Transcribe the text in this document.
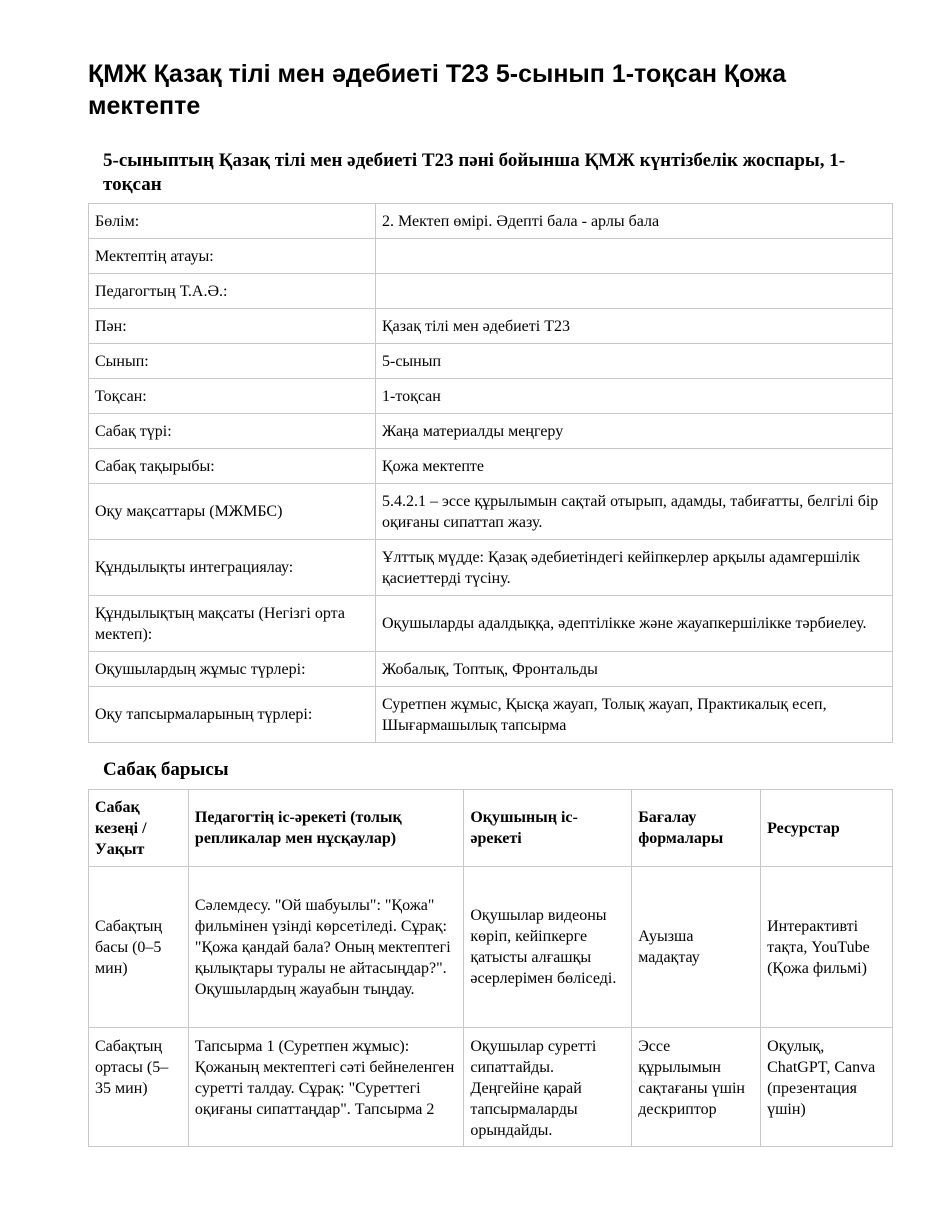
ҚМЖ Қазақ тілі мен әдебиеті Т23 5-сынып 1-тоқсан Қожа мектепте
5-сыныптың Қазақ тілі мен әдебиеті Т23 пәні бойынша ҚМЖ күнтізбелік жоспары, 1-тоқсан
Бөлім:	2. Мектеп өмірі. Әдепті бала - арлы бала
Мектептің атауы:	
Педагогтың Т.А.Ә.:	
Пән:	Қазақ тілі мен әдебиеті Т23
Сынып:	5-сынып
Тоқсан:	1-тоқсан
Сабақ түрі:	Жаңа материалды меңгеру
Сабақ тақырыбы:	Қожа мектепте
Оқу мақсаттары (МЖМБС)	5.4.2.1 – эссе құрылымын сақтай отырып, адамды, табиғатты, белгілі бір оқиғаны сипаттап жазу.
Құндылықты интеграциялау:	Ұлттық мүдде: Қазақ әдебиетіндегі кейіпкерлер арқылы адамгершілік қасиеттерді түсіну.
Құндылықтың мақсаты (Негізгі орта мектеп):	Оқушыларды адалдыққа, әдептілікке және жауапкершілікке тәрбиелеу.
Оқушылардың жұмыс түрлері:	Жобалық, Топтық, Фронтальды
Оқу тапсырмаларының түрлері:	Суретпен жұмыс, Қысқа жауап, Толық жауап, Практикалық есеп, Шығармашылық тапсырма
Сабақ барысы
Сабақ кезеңі / Уақыт	Педагогтің іс-әрекеті (толық репликалар мен нұсқаулар)	Оқушының іс-әрекеті	Бағалау формалары	Ресурстар
Сабақтың басы (0–5 мин)	Сәлемдесу. "Ой шабуылы": "Қожа" фильмінен үзінді көрсетіледі. Сұрақ: "Қожа қандай бала? Оның мектептегі қылықтары туралы не айтасыңдар?". Оқушылардың жауабын тыңдау.	Оқушылар видеоны көріп, кейіпкерге қатысты алғашқы әсерлерімен бөліседі.	Ауызша мадақтау	Интерактивті тақта, YouTube (Қожа фильмі)
Сабақтың ортасы (5–35 мин)	Тапсырма 1 (Суретпен жұмыс): Қожаның мектептегі сәті бейнеленген суретті талдау. Сұрақ: "Суреттегі оқиғаны сипаттаңдар". Тапсырма 2	Оқушылар суретті сипаттайды. Деңгейіне қарай тапсырмаларды орындайды.	Эссе құрылымын сақтағаны үшін дескриптор	Оқулық, ChatGPT, Canva (презентация үшін)
